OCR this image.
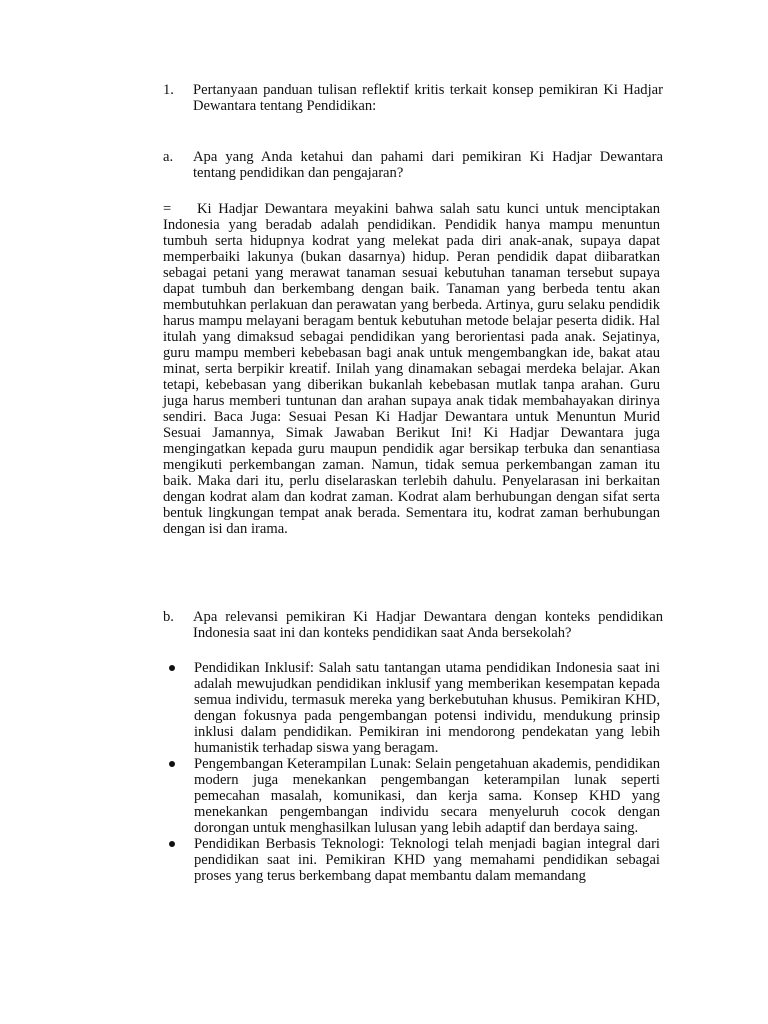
1. Pertanyaan panduan tulisan reflektif kritis terkait konsep pemikiran Ki Hadjar Dewantara tentang Pendidikan:
a. Apa yang Anda ketahui dan pahami dari pemikiran Ki Hadjar Dewantara tentang pendidikan dan pengajaran?
= Ki Hadjar Dewantara meyakini bahwa salah satu kunci untuk menciptakan Indonesia yang beradab adalah pendidikan. Pendidik hanya mampu menuntun tumbuh serta hidupnya kodrat yang melekat pada diri anak-anak, supaya dapat memperbaiki lakunya (bukan dasarnya) hidup. Peran pendidik dapat diibaratkan sebagai petani yang merawat tanaman sesuai kebutuhan tanaman tersebut supaya dapat tumbuh dan berkembang dengan baik. Tanaman yang berbeda tentu akan membutuhkan perlakuan dan perawatan yang berbeda. Artinya, guru selaku pendidik harus mampu melayani beragam bentuk kebutuhan metode belajar peserta didik. Hal itulah yang dimaksud sebagai pendidikan yang berorientasi pada anak. Sejatinya, guru mampu memberi kebebasan bagi anak untuk mengembangkan ide, bakat atau minat, serta berpikir kreatif. Inilah yang dinamakan sebagai merdeka belajar. Akan tetapi, kebebasan yang diberikan bukanlah kebebasan mutlak tanpa arahan. Guru juga harus memberi tuntunan dan arahan supaya anak tidak membahayakan dirinya sendiri. Baca Juga: Sesuai Pesan Ki Hadjar Dewantara untuk Menuntun Murid Sesuai Jamannya, Simak Jawaban Berikut Ini! Ki Hadjar Dewantara juga mengingatkan kepada guru maupun pendidik agar bersikap terbuka dan senantiasa mengikuti perkembangan zaman. Namun, tidak semua perkembangan zaman itu baik. Maka dari itu, perlu diselaraskan terlebih dahulu. Penyelarasan ini berkaitan dengan kodrat alam dan kodrat zaman. Kodrat alam berhubungan dengan sifat serta bentuk lingkungan tempat anak berada. Sementara itu, kodrat zaman berhubungan dengan isi dan irama.
b. Apa relevansi pemikiran Ki Hadjar Dewantara dengan konteks pendidikan Indonesia saat ini dan konteks pendidikan saat Anda bersekolah?
Pendidikan Inklusif: Salah satu tantangan utama pendidikan Indonesia saat ini adalah mewujudkan pendidikan inklusif yang memberikan kesempatan kepada semua individu, termasuk mereka yang berkebutuhan khusus. Pemikiran KHD, dengan fokusnya pada pengembangan potensi individu, mendukung prinsip inklusi dalam pendidikan. Pemikiran ini mendorong pendekatan yang lebih humanistik terhadap siswa yang beragam.
Pengembangan Keterampilan Lunak: Selain pengetahuan akademis, pendidikan modern juga menekankan pengembangan keterampilan lunak seperti pemecahan masalah, komunikasi, dan kerja sama. Konsep KHD yang menekankan pengembangan individu secara menyeluruh cocok dengan dorongan untuk menghasilkan lulusan yang lebih adaptif dan berdaya saing.
Pendidikan Berbasis Teknologi: Teknologi telah menjadi bagian integral dari pendidikan saat ini. Pemikiran KHD yang memahami pendidikan sebagai proses yang terus berkembang dapat membantu dalam memandang
